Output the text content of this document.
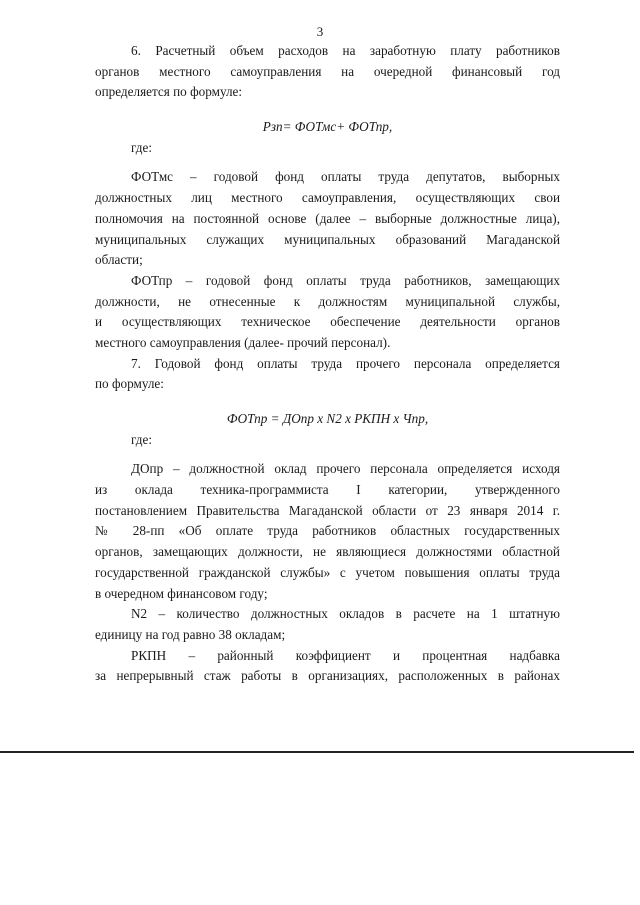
3
6. Расчетный объем расходов на заработную плату работников
органов местного самоуправления на очередной финансовый год
определяется по формуле:
Рзп= ФОТмс+ ФОТпр,
где:
ФОТмс – годовой фонд оплаты труда депутатов, выборных
должностных лиц местного самоуправления, осуществляющих свои
полномочия на постоянной основе (далее – выборные должностные лица),
муниципальных служащих муниципальных образований Магаданской
области;
ФОТпр – годовой фонд оплаты труда работников, замещающих
должности, не отнесенные к должностям муниципальной службы,
и осуществляющих техническое обеспечение деятельности органов
местного самоуправления (далее- прочий персонал).
7. Годовой фонд оплаты труда прочего персонала определяется
по формуле:
ФОТпр = ДОпр х N2 х РКПН х Чпр,
где:
ДОпр – должностной оклад прочего персонала определяется исходя
из оклада техника-программиста I категории, утвержденного
постановлением Правительства Магаданской области от 23 января 2014 г.
№ 28-пп «Об оплате труда работников областных государственных
органов, замещающих должности, не являющиеся должностями областной
государственной гражданской службы» с учетом повышения оплаты труда
в очередном финансовом году;
N2 – количество должностных окладов в расчете на 1 штатную
единицу на год равно 38 окладам;
РКПН – районный коэффициент и процентная надбавка
за непрерывный стаж работы в организациях, расположенных в районах
